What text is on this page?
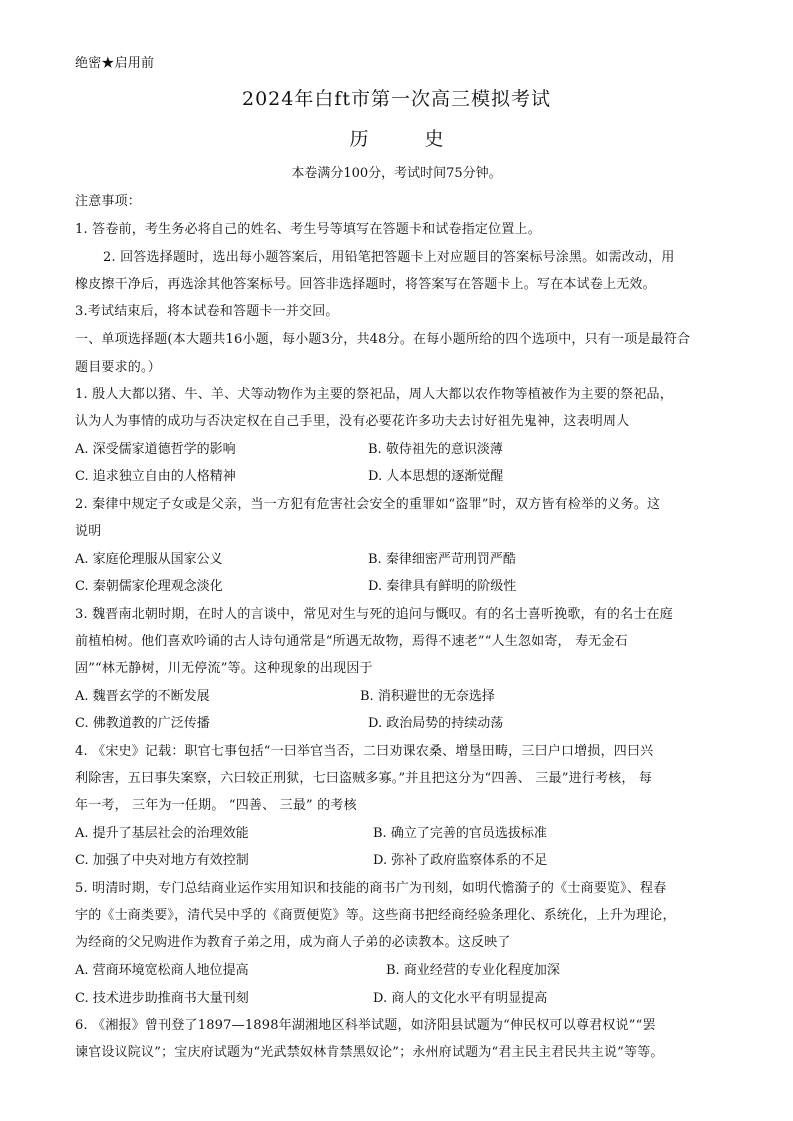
绝密★启用前
2024年白ft市第一次高三模拟考试
历	史
本卷满分100分，考试时间75分钟。
注意事项：
1. 答卷前，考生务必将自己的姓名、考生号等填写在答题卡和试卷指定位置上。
2. 回答选择题时，选出每小题答案后，用铅笔把答题卡上对应题目的答案标号涂黑。如需改动，用
橡皮擦干净后，再选涂其他答案标号。回答非选择题时，将答案写在答题卡上。写在本试卷上无效。
3.考试结束后，将本试卷和答题卡一并交回。
一、单项选择题(本大题共16小题，每小题3分，共48分。在每小题所给的四个选项中，只有一项是最符合
题目要求的。）
1. 殷人大都以猪、牛、羊、犬等动物作为主要的祭祀品，周人大都以农作物等植被作为主要的祭祀品，
认为人为事情的成功与否决定权在自己手里，没有必要花许多功夫去讨好祖先鬼神，这表明周人
A. 深受儒家道德哲学的影响	B. 敬侍祖先的意识淡薄
C. 追求独立自由的人格精神	D. 人本思想的逐渐觉醒
2. 秦律中规定子女或是父亲，当一方犯有危害社会安全的重罪如“盗罪”时，双方皆有检举的义务。这
说明
A. 家庭伦理服从国家公义	B. 秦律细密严苛刑罚严酷
C. 秦朝儒家伦理观念淡化	D. 秦律具有鲜明的阶级性
3. 魏晋南北朝时期，在时人的言谈中，常见对生与死的追问与慨叹。有的名士喜听挽歌，有的名士在庭
前植柏树。他们喜欢吟诵的古人诗句通常是“所遇无故物，焉得不速老”“人生忽如寄， 寿无金石
固”“林无静树，川无停流”等。这种现象的出现因于
A. 魏晋玄学的不断发展	B. 消积避世的无奈选择
C. 佛教道教的广泛传播	D. 政治局势的持续动荡
4. 《宋史》记载：职官七事包括“一曰举官当否，二曰劝课农桑、增垦田畴，三曰户口增损，四曰兴
利除害，五曰事失案察，六曰较正刑狱，七曰盗贼多寡。”并且把这分为“四善、 三最”进行考核， 每
年一考， 三年为一任期。 “四善、 三最” 的考核
A. 提升了基层社会的治理效能	B. 确立了完善的官员选拔标准
C. 加强了中央对地方有效控制	D. 弥补了政府监察体系的不足
5. 明清时期，专门总结商业运作实用知识和技能的商书广为刊刻，如明代憺漪子的《士商要览》、程春
宇的《士商类要》，清代吴中孚的《商贾便览》等。这些商书把经商经验条理化、系统化，上升为理论，
为经商的父兄购进作为教育子弟之用，成为商人子弟的必读教本。这反映了
A. 营商环境宽松商人地位提高	B. 商业经营的专业化程度加深
C. 技术进步助推商书大量刊刻	D. 商人的文化水平有明显提高
6. 《湘报》曾刊登了1897—1898年湖湘地区科举试题，如济阳县试题为“伸民权可以尊君权说”“罢
谏官设议院议”；宝庆府试题为“光武禁奴林肯禁黑奴论”；永州府试题为“君主民主君民共主说”等等。
